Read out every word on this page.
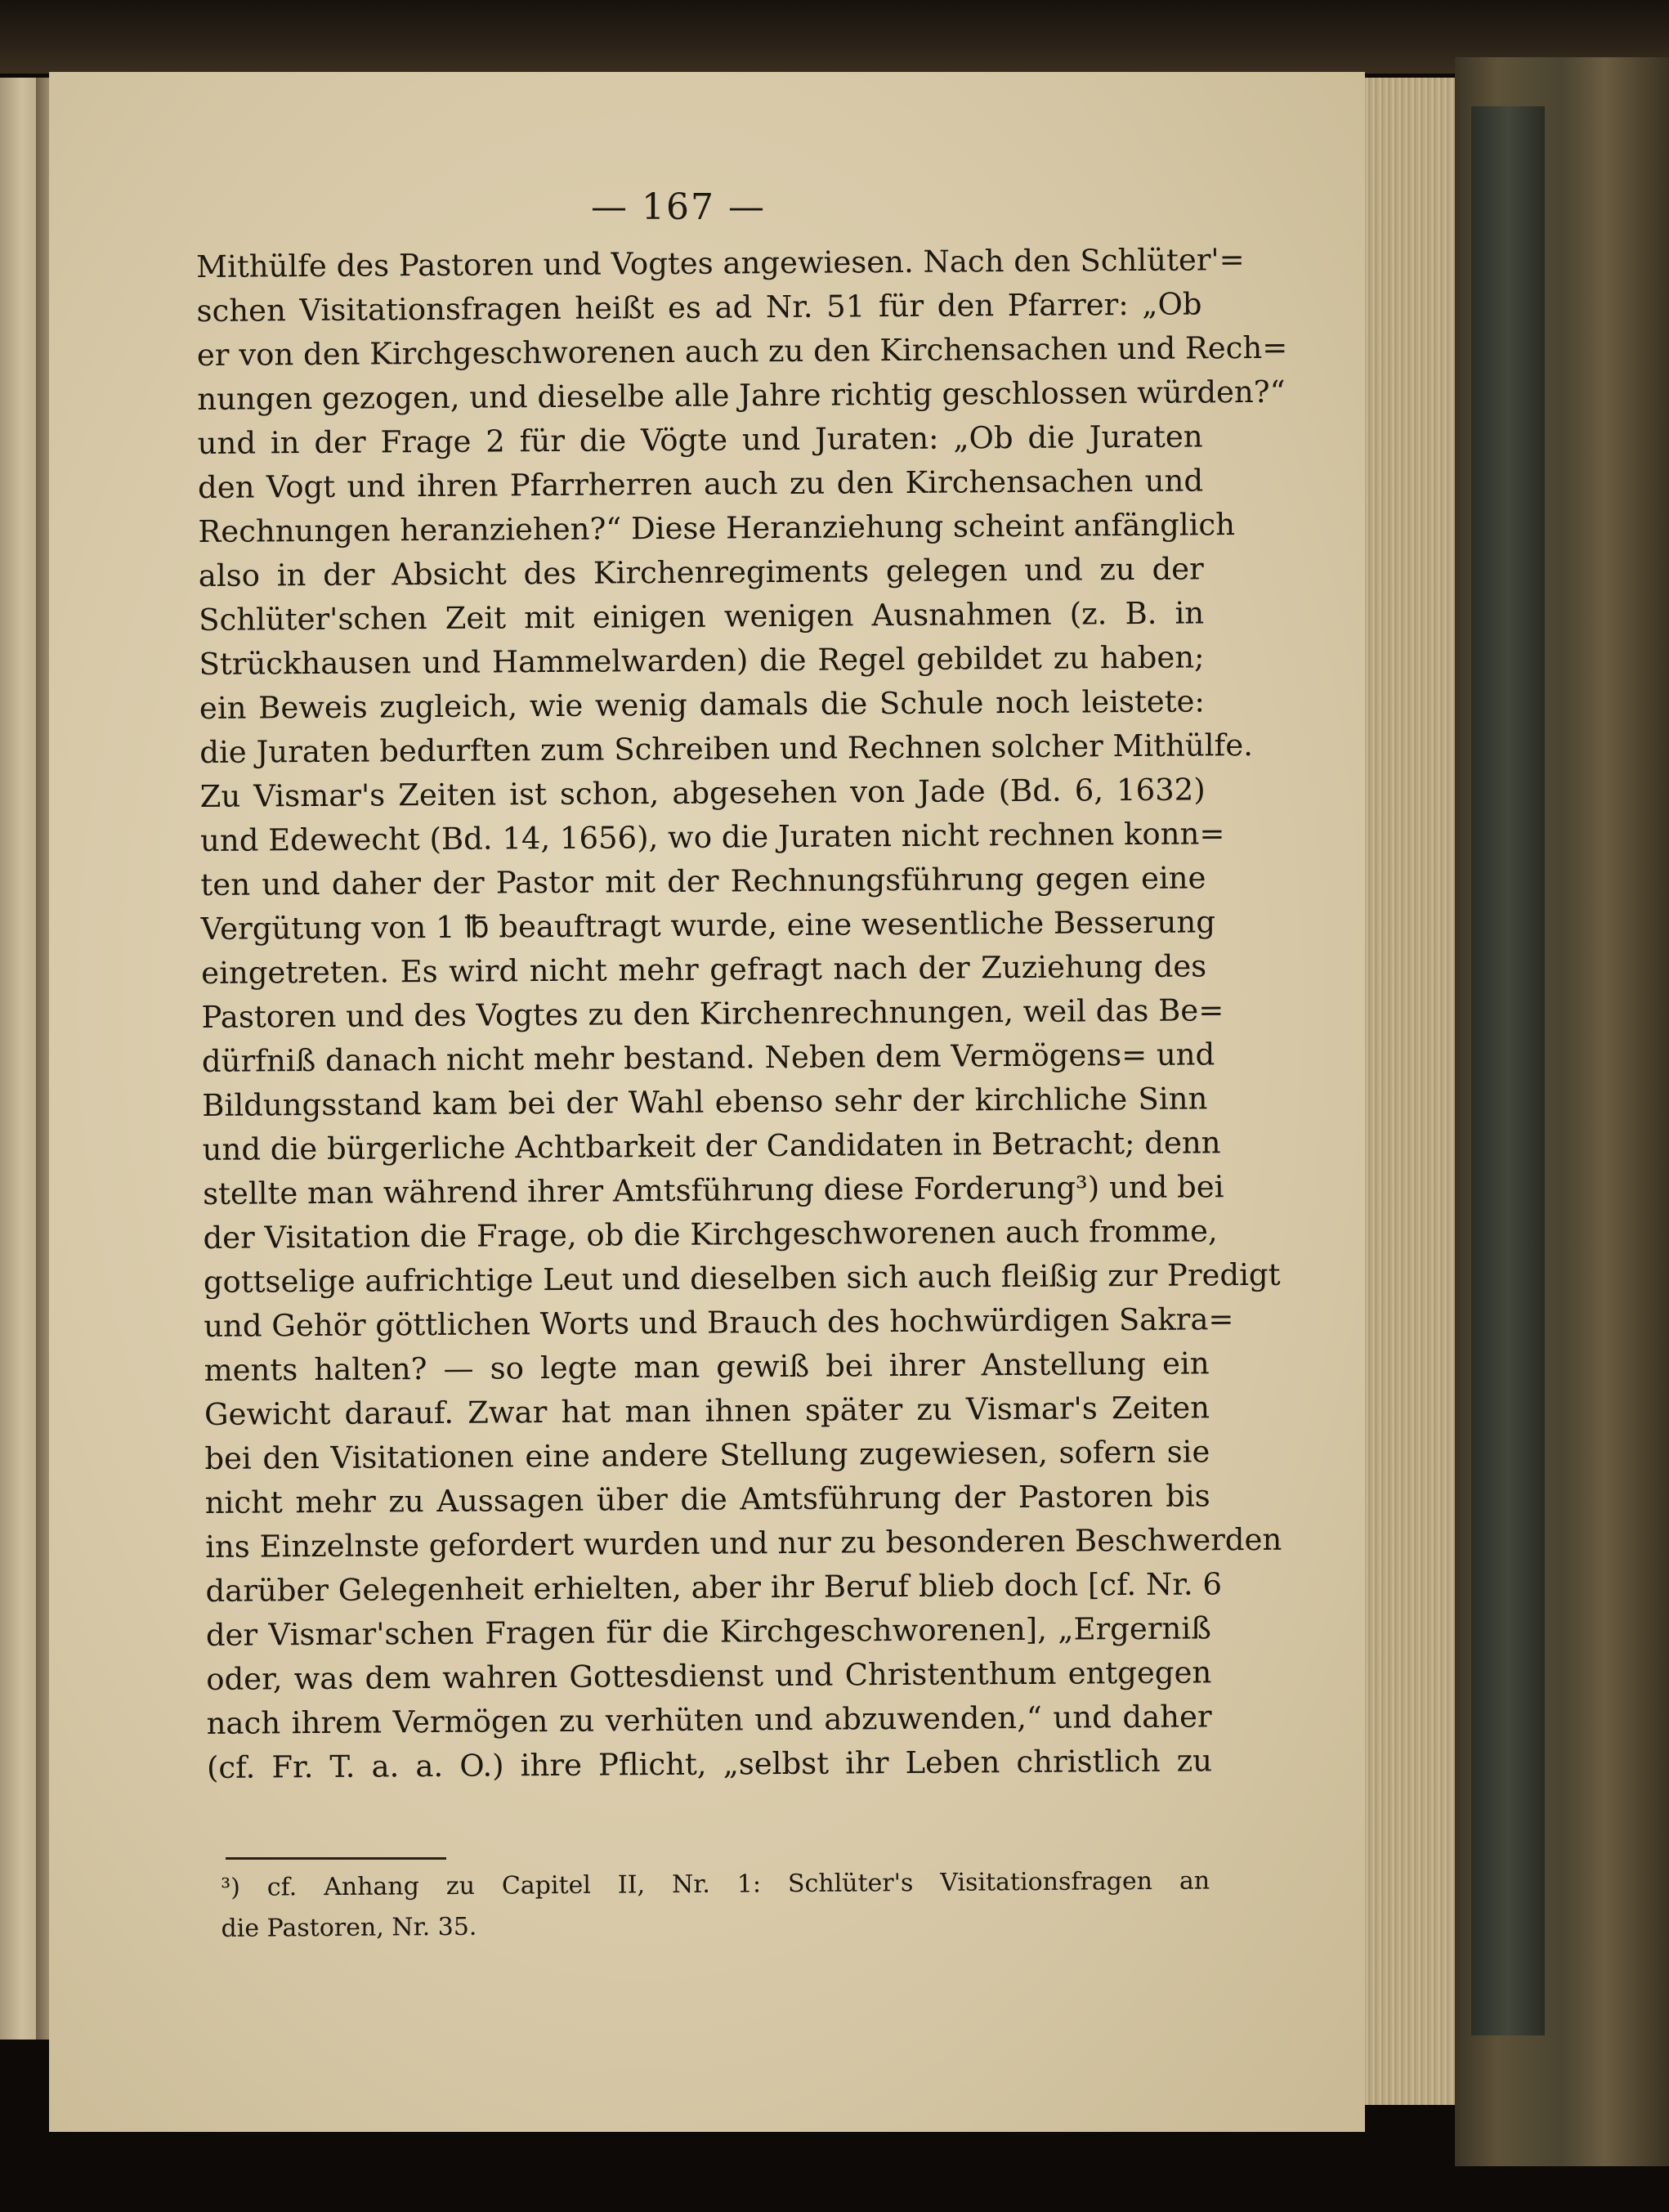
— 167 —
Mithülfe des Pastoren und Vogtes angewiesen. Nach den Schlüter'=
schen Visitationsfragen heißt es ad Nr. 51 für den Pfarrer: „Ob
er von den Kirchgeschworenen auch zu den Kirchensachen und Rech=
nungen gezogen, und dieselbe alle Jahre richtig geschlossen würden?“
und in der Frage 2 für die Vögte und Juraten: „Ob die Juraten
den Vogt und ihren Pfarrherren auch zu den Kirchensachen und
Rechnungen heranziehen?“ Diese Heranziehung scheint anfänglich
also in der Absicht des Kirchenregiments gelegen und zu der
Schlüter'schen Zeit mit einigen wenigen Ausnahmen (z. B. in
Strückhausen und Hammelwarden) die Regel gebildet zu haben;
ein Beweis zugleich, wie wenig damals die Schule noch leistete:
die Juraten bedurften zum Schreiben und Rechnen solcher Mithülfe.
Zu Vismar's Zeiten ist schon, abgesehen von Jade (Bd. 6, 1632)
und Edewecht (Bd. 14, 1656), wo die Juraten nicht rechnen konn=
ten und daher der Pastor mit der Rechnungsführung gegen eine
Vergütung von 1 ℔ beauftragt wurde, eine wesentliche Besserung
eingetreten. Es wird nicht mehr gefragt nach der Zuziehung des
Pastoren und des Vogtes zu den Kirchenrechnungen, weil das Be=
dürfniß danach nicht mehr bestand. Neben dem Vermögens= und
Bildungsstand kam bei der Wahl ebenso sehr der kirchliche Sinn
und die bürgerliche Achtbarkeit der Candidaten in Betracht; denn
stellte man während ihrer Amtsführung diese Forderung³) und bei
der Visitation die Frage, ob die Kirchgeschworenen auch fromme,
gottselige aufrichtige Leut und dieselben sich auch fleißig zur Predigt
und Gehör göttlichen Worts und Brauch des hochwürdigen Sakra=
ments halten? — so legte man gewiß bei ihrer Anstellung ein
Gewicht darauf. Zwar hat man ihnen später zu Vismar's Zeiten
bei den Visitationen eine andere Stellung zugewiesen, sofern sie
nicht mehr zu Aussagen über die Amtsführung der Pastoren bis
ins Einzelnste gefordert wurden und nur zu besonderen Beschwerden
darüber Gelegenheit erhielten, aber ihr Beruf blieb doch [cf. Nr. 6
der Vismar'schen Fragen für die Kirchgeschworenen], „Ergerniß
oder, was dem wahren Gottesdienst und Christenthum entgegen
nach ihrem Vermögen zu verhüten und abzuwenden,“ und daher
(cf. Fr. T. a. a. O.) ihre Pflicht, „selbst ihr Leben christlich zu
³) cf. Anhang zu Capitel II, Nr. 1: Schlüter's Visitationsfragen an
die Pastoren, Nr. 35.
